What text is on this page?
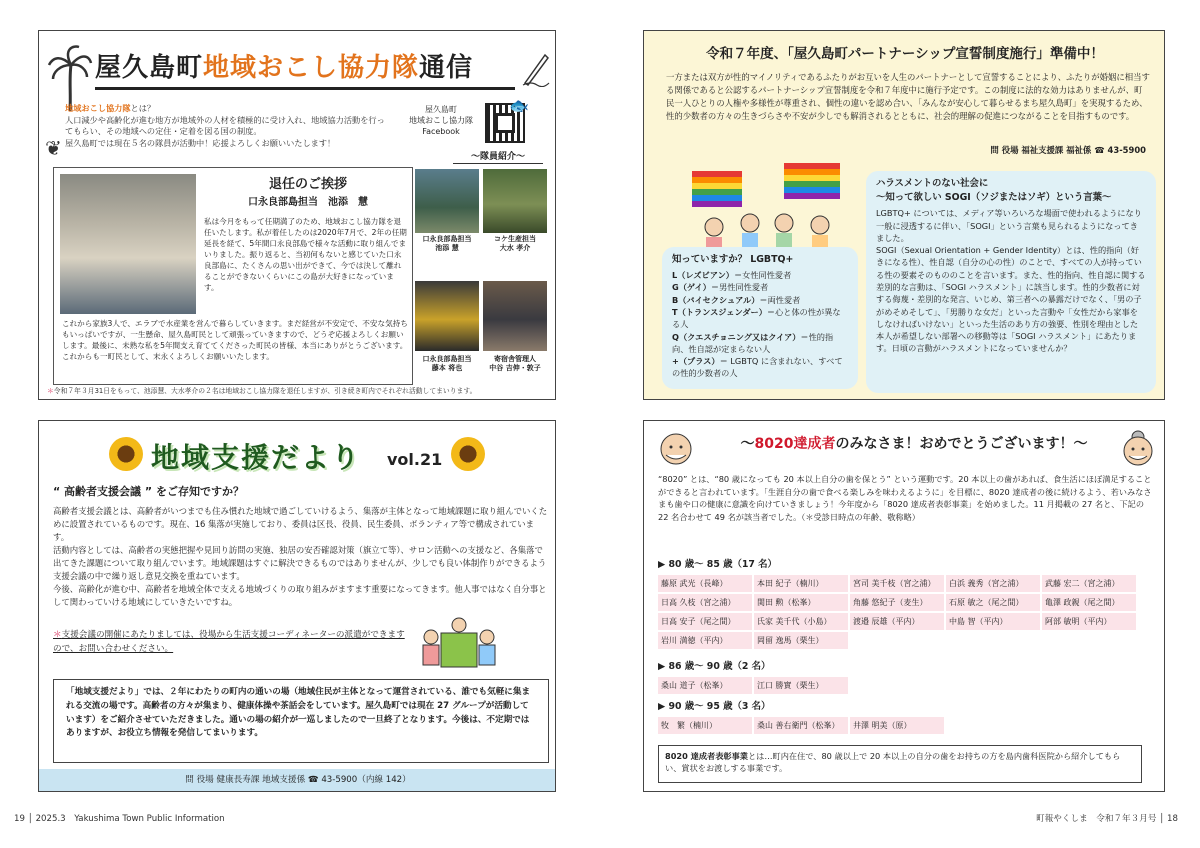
屋久島町地域おこし協力隊通信
地域おこし協力隊とは？

人口減少や高齢化が進む地方が地域外の人材を積極的に受け入れ、地域協力活動を行ってもらい、その地域への定住・定着を図る国の制度。

屋久島町では現在５名の隊員が活動中！応援よろしくお願いいたします！

屋久島町
地域おこし協力隊
Facebook
🐟
❦	～隊員紹介～
退任のご挨拶
口永良部島担当　池添　慧
私は今月をもって任期満了のため、地域おこし協力隊を退任いたします。私が着任したのは2020年7月で、2年の任期延長を経て、5年間口永良部島で様々な活動に取り組んでまいりました。振り返ると、当初何もないと感じていた口永良部島に、たくさんの思い出ができて、今では決して離れることができないくらいにこの島が大好きになっています。
これから家族3人で、エラブで水産業を営んで暮らしていきます。まだ経営が不安定で、不安な気持ちもいっぱいですが、一生懸命、屋久島町民として頑張っていきますので、どうぞ応援よろしくお願いします。最後に、未熟な私を5年間支え育ててくださった町民の皆様、本当にありがとうございます。これからも一町民として、末永くよろしくお願いいたします。
口永良部島担当
池添 慧
コケ生産担当
大水 孝介
口永良部島担当
藤本 将也
寄宿舎管理人
中谷 吉伸・敦子
＊令和７年３月31日をもって、池添慧、大水孝介の２名は地域おこし協力隊を退任しますが、引き続き町内でそれぞれ活動してまいります。
令和７年度、「屋久島町パートナーシップ宣誓制度施行」準備中！
一方または双方が性的マイノリティであるふたりがお互いを人生のパートナーとして宣誓することにより、ふたりが婚姻に相当する関係であると公認するパートナーシップ宣誓制度を令和７年度中に施行予定です。この制度に法的な効力はありませんが、町民一人ひとりの人権や多様性が尊重され、個性の違いを認め合い、「みんなが安心して暮らせるまち屋久島町」を実現するため、性的少数者の方々の生きづらさや不安が少しでも解消されるとともに、社会的理解の促進につながることを目指すものです。
問 役場 福祉支援課 福祉係 ☎ 43-5900
知っていますか？ LGBTQ+
L（レズビアン）＝女性同性愛者
G（ゲイ）＝男性同性愛者
B（バイセクシュアル）＝両性愛者
T（トランスジェンダー）＝心と体の性が異なる人
Q（クエスチョニング又はクイア）＝性的指向、性自認が定まらない人
+（プラス）＝ LGBTQ に含まれない、すべての性的少数者の人
ハラスメントのない社会に
～知って欲しい SOGI（ソジまたはソギ）という言葉～
LGBTQ+ については、メディア等いろいろな場面で使われるようになり一般に浸透するに伴い、「SOGI」という言葉も見られるようになってきました。
SOGI（Sexual Orientation + Gender Identity）とは、性的指向（好きになる性）、性自認（自分の心の性）のことで、すべての人が持っている性の要素そのもののことを言います。また、性的指向、性自認に関する差別的な言動は、「SOGI ハラスメント」に該当します。性的少数者に対する侮蔑・差別的な発言、いじめ、第三者への暴露だけでなく、「男の子がめそめそして」、「男勝りな女だ」といった言動や「女性だから家事をしなければいけない」といった生活のあり方の強要、性別を理由とした本人が希望しない部署への移動等は「SOGI ハラスメント」にあたります。日頃の言動がハラスメントになっていませんか？
地域支援だより vol.21
“ 高齢者支援会議 ” をご存知ですか？

高齢者支援会議とは、高齢者がいつまでも住み慣れた地域で過ごしていけるよう、集落が主体となって地域課題に取り組んでいくために設置されているものです。現在、16 集落が実施しており、委員は区長、役員、民生委員、ボランティア等で構成されています。

活動内容としては、高齢者の実態把握や見回り訪問の実施、独居の安否確認対策（旗立て等）、サロン活動への支援など、各集落で出てきた課題について取り組んでいます。地域課題はすぐに解決できるものではありませんが、少しでも良い体制作りができるよう支援会議の中で繰り返し意見交換を重ねています。

今後、高齢化が進む中、高齢者を地域全体で支える地域づくりの取り組みがますます重要になってきます。他人事ではなく自分事として関わっていける地域にしていきたいですね。

＊支援会議の開催にあたりましては、役場から生活支援コーディネーターの派遣ができますので、お問い合わせください。
「地域支援だより」では、２年にわたりの町内の通いの場（地域住民が主体となって運営されている、誰でも気軽に集まれる交流の場です。高齢者の方々が集まり、健康体操や茶話会をしています。屋久島町では現在 27 グループが活動しています）をご紹介させていただきました。通いの場の紹介が一巡しましたので一旦終了となります。今後は、不定期ではありますが、お役立ち情報を発信してまいります。
問 役場 健康長寿課 地域支援係 ☎ 43-5900（内線 142）
～8020達成者のみなさま！おめでとうございます！～
“8020” とは、“80 歳になっても 20 本以上自分の歯を保とう” という運動です。20 本以上の歯があれば、食生活にほぼ満足することができると言われています。「生涯自分の歯で食べる楽しみを味わえるように」を目標に、8020 達成者の後に続けるよう、若いみなさまも歯や口の健康に意識を向けていきましょう！今年度から「8020 達成者表彰事業」を始めました。11 月掲載の 27 名と、下記の 22 名合わせて 49 名が該当者でした。（＊受診日時点の年齢、敬称略）
▶ 80 歳～ 85 歳（17 名）
藤原 武光（長峰）	本田 紀子（楠川）	宮司 美千枝（宮之浦）	白浜 義秀（宮之浦）	武藤 宏二（宮之浦）
日高 久枝（宮之浦）	関田 勲（松峯）	角藤 悠紀子（麦生）	石原 敏之（尾之間）	亀澤 政親（尾之間）
日高 安子（尾之間）	氏家 美千代（小島）	渡邉 辰雄（平内）	中島 智（平内）	阿部 敏明（平内）
岩川 満徳（平内）	岡留 逸馬（栗生）
▶ 86 歳～ 90 歳（2 名）
桑山 道子（松峯）	江口 勝實（栗生）
▶ 90 歳～ 95 歳（3 名）
牧　繁（楠川）	桑山 善右衛門（松峯）	井澤 明美（原）
8020 達成者表彰事業とは…町内在住で、80 歳以上で 20 本以上の自分の歯をお持ちの方を島内歯科医院から紹介してもらい、賞状をお渡しする事業です。
19 │ 2025.3　Yakushima Town Public Information	町報やくしま　令和７年３月号 │ 18
